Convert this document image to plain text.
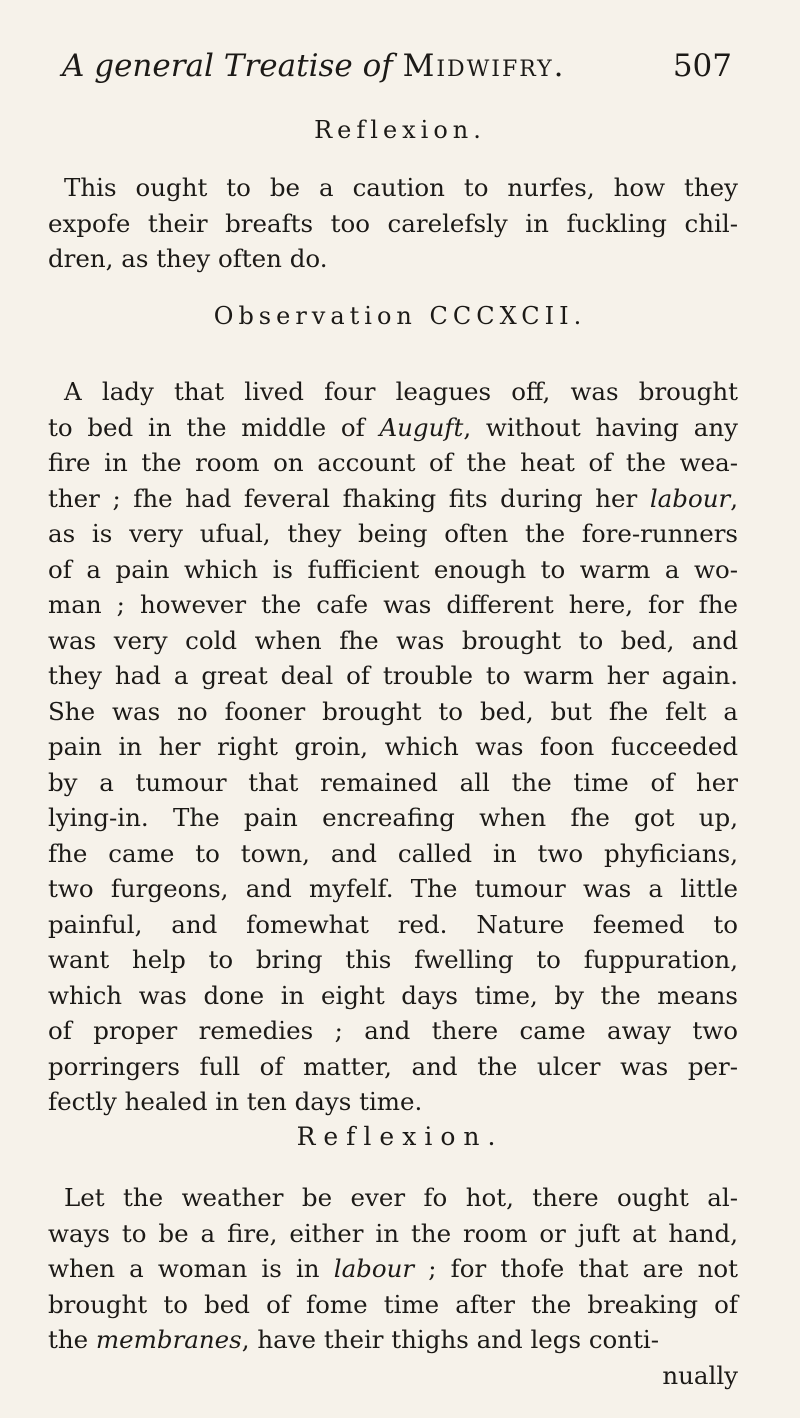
A general Treatise of Midwifry.	507
Reflexion.
This ought to be a caution to nurfes, how they
expofe their breafts too carelefsly in fuckling chil-
dren, as they often do.
Observation CCCXCII.
A lady that lived four leagues off, was brought
to bed in the middle of Auguft, without having any
fire in the room on account of the heat of the wea-
ther ; fhe had feveral fhaking fits during her labour,
as is very ufual, they being often the fore-runners
of a pain which is fufficient enough to warm a wo-
man ; however the cafe was different here, for fhe
was very cold when fhe was brought to bed, and
they had a great deal of trouble to warm her again.
She was no fooner brought to bed, but fhe felt a
pain in her right groin, which was foon fucceeded
by a tumour that remained all the time of her
lying-in. The pain encreafing when fhe got up,
fhe came to town, and called in two phyficians,
two furgeons, and myfelf. The tumour was a little
painful, and fomewhat red. Nature feemed to
want help to bring this fwelling to fuppuration,
which was done in eight days time, by the means
of proper remedies ; and there came away two
porringers full of matter, and the ulcer was per-
fectly healed in ten days time.
Reflexion.
Let the weather be ever fo hot, there ought al-
ways to be a fire, either in the room or juft at hand,
when a woman is in labour ; for thofe that are not
brought to bed of fome time after the breaking of
the membranes, have their thighs and legs conti-
nually
